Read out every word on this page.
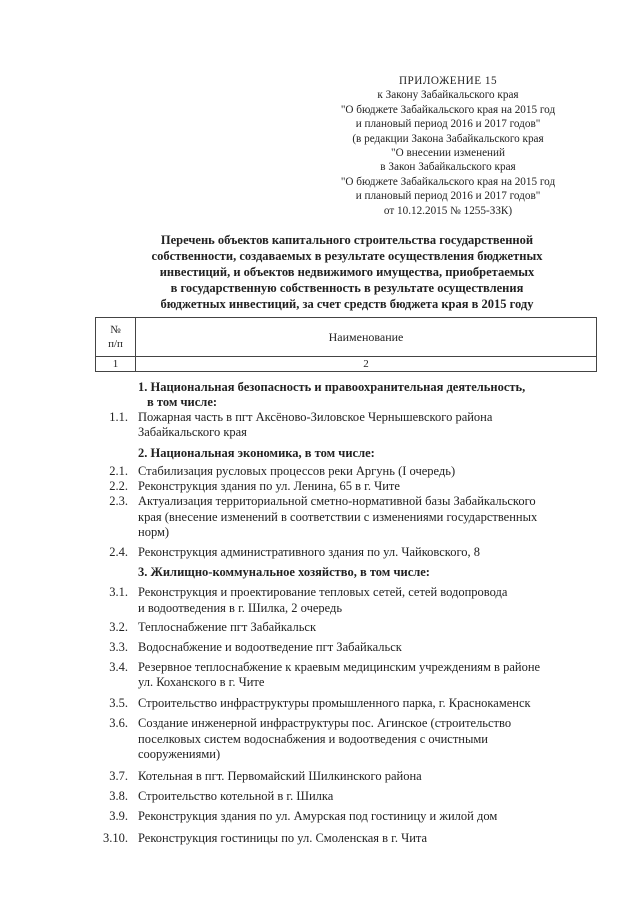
ПРИЛОЖЕНИЕ 15
к Закону Забайкальского края
"О бюджете Забайкальского края на 2015 год
и плановый период 2016 и 2017 годов"
(в редакции Закона Забайкальского края
"О внесении изменений
в Закон Забайкальского края
"О бюджете Забайкальского края на 2015 год
и плановый период 2016 и 2017 годов"
от 10.12.2015 № 1255-ЗЗК)
Перечень объектов капитального строительства государственной
собственности, создаваемых в результате осуществления бюджетных
инвестиций, и объектов недвижимого имущества, приобретаемых
в государственную собственность в результате осуществления
бюджетных инвестиций, за счет средств бюджета края в 2015 году
№
п/п	Наименование
1	2
1. Национальная безопасность и правоохранительная деятельность,
в том числе:
1.1. Пожарная часть в пгт Аксёново-Зиловское Чернышевского района
Забайкальского края
2. Национальная экономика, в том числе:
2.1. Стабилизация русловых процессов реки Аргунь (I очередь)
2.2. Реконструкция здания по ул. Ленина, 65 в г. Чите
2.3. Актуализация территориальной сметно-нормативной базы Забайкальского
края (внесение изменений в соответствии с изменениями государственных
норм)
2.4. Реконструкция административного здания по ул. Чайковского, 8
3. Жилищно-коммунальное хозяйство, в том числе:
3.1. Реконструкция и проектирование тепловых сетей, сетей водопровода
и водоотведения в г. Шилка, 2 очередь
3.2. Теплоснабжение пгт Забайкальск
3.3. Водоснабжение и водоотведение пгт Забайкальск
3.4. Резервное теплоснабжение к краевым медицинским учреждениям в районе
ул. Коханского в г. Чите
3.5. Строительство инфраструктуры промышленного парка, г. Краснокаменск
3.6. Создание инженерной инфраструктуры пос. Агинское (строительство
поселковых систем водоснабжения и водоотведения с очистными
сооружениями)
3.7. Котельная в пгт. Первомайский Шилкинского района
3.8. Строительство котельной в г. Шилка
3.9. Реконструкция здания по ул. Амурская под гостиницу и жилой дом
3.10. Реконструкция гостиницы по ул. Смоленская в г. Чита
